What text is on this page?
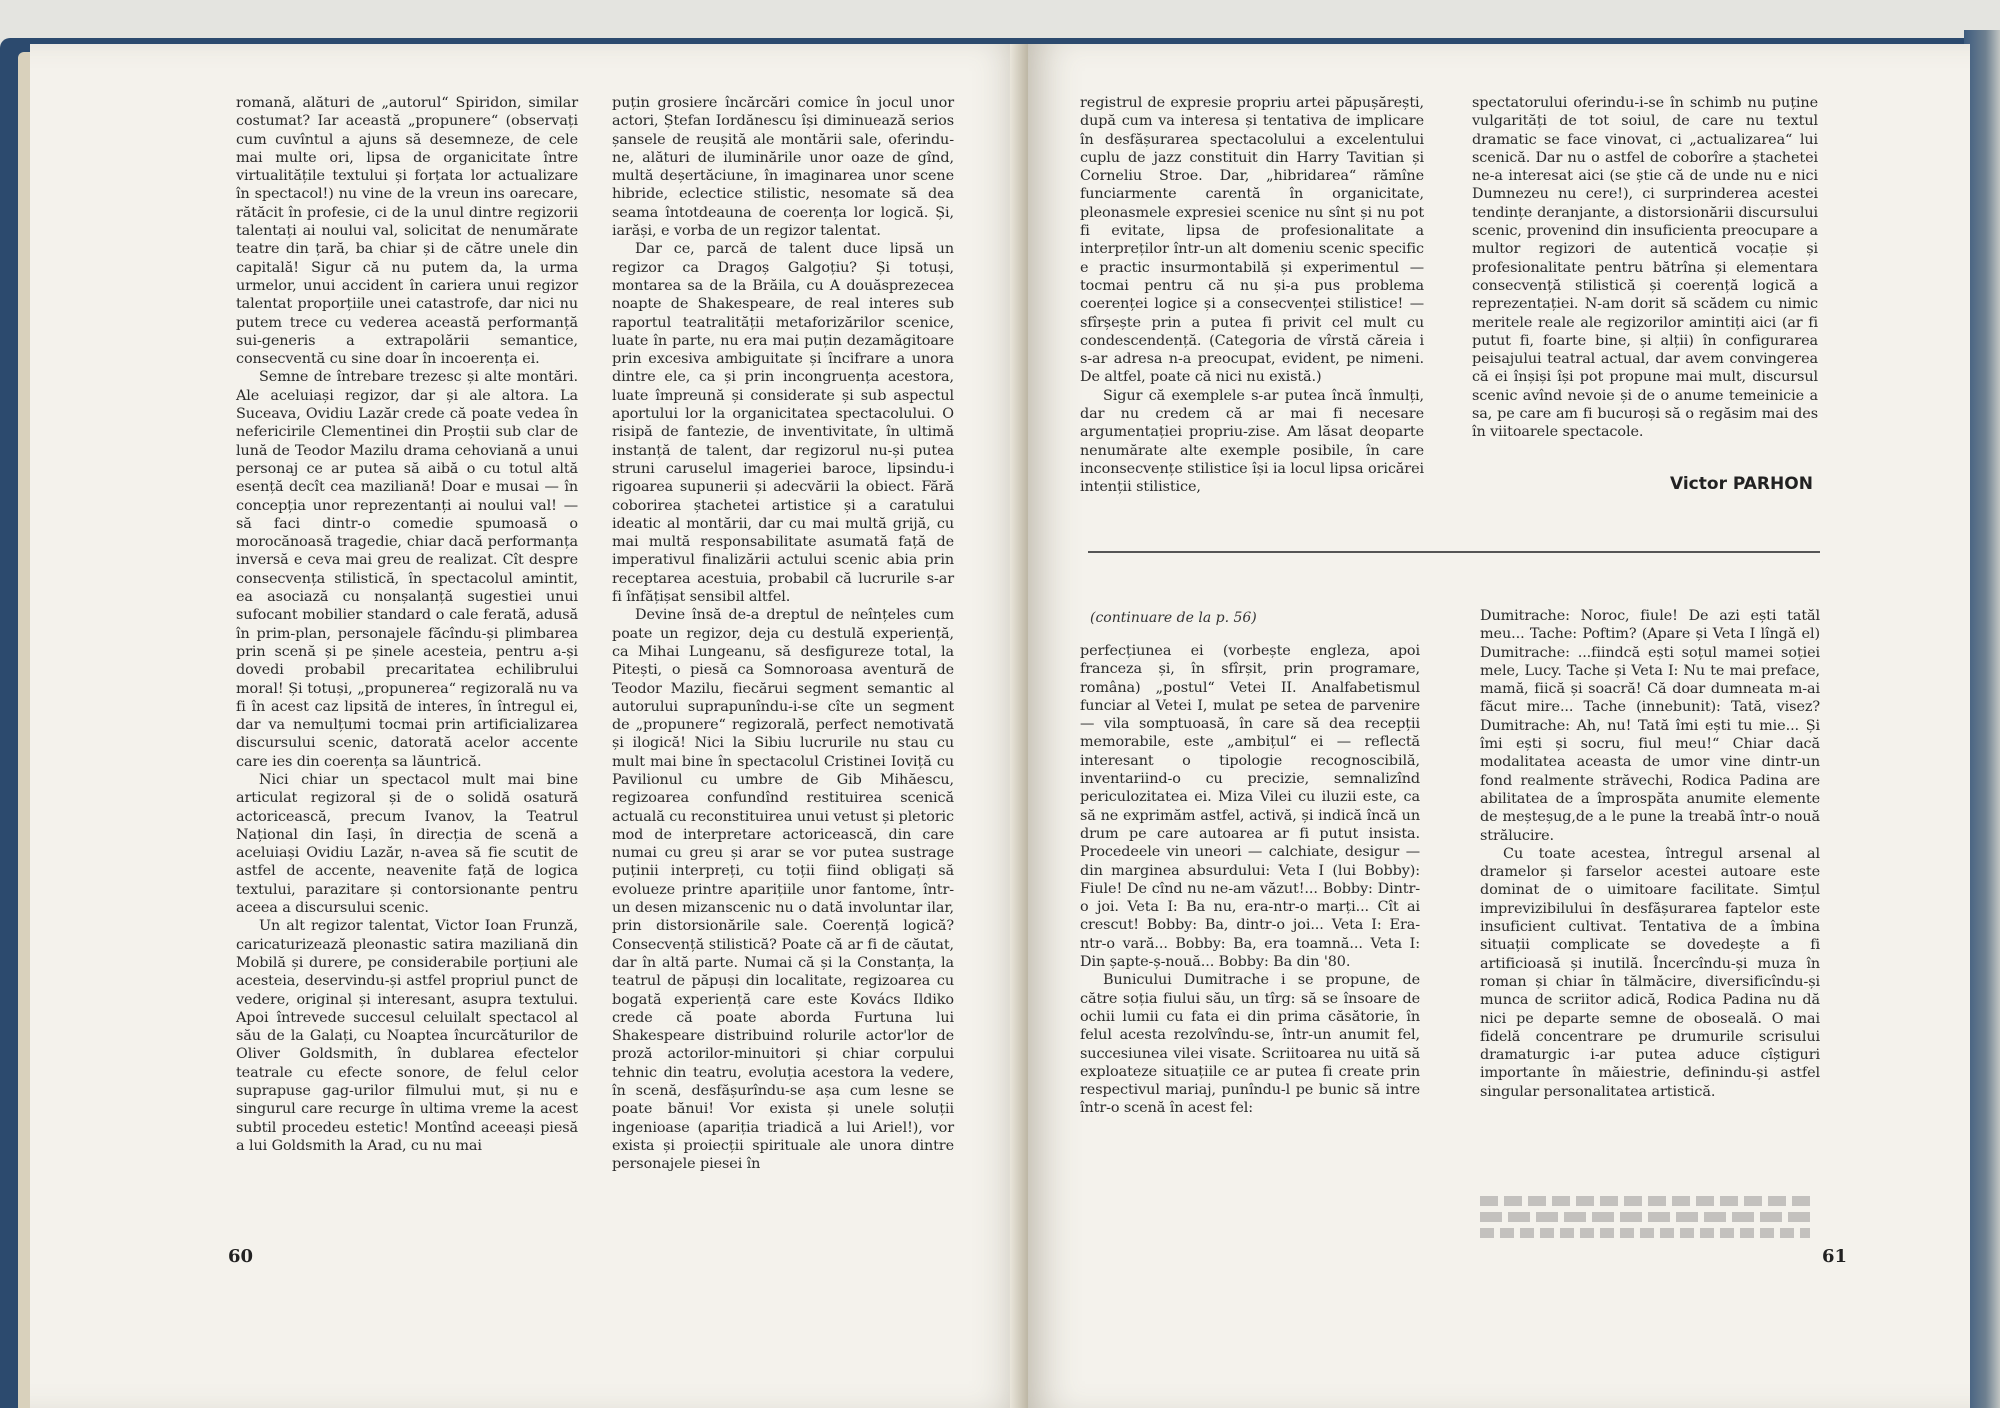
romană, alături de „autorul“ Spiridon, similar costumat? Iar această „propunere“ (observați cum cuvîntul a ajuns să desemneze, de cele mai multe ori, lipsa de organicitate între virtualitățile textului și forțata lor actualizare în spectacol!) nu vine de la vreun ins oarecare, rătăcit în profesie, ci de la unul dintre regizorii talentați ai noului val, solicitat de nenumărate teatre din țară, ba chiar și de către unele din capitală! Sigur că nu putem da, la urma urmelor, unui accident în cariera unui regizor talentat proporțiile unei catastrofe, dar nici nu putem trece cu vederea această performanță sui-generis a extrapolării semantice, consecventă cu sine doar în incoerența ei.

Semne de întrebare trezesc și alte montări. Ale aceluiași regizor, dar și ale altora. La Suceava, Ovidiu Lazăr crede că poate vedea în nefericirile Clementinei din Proștii sub clar de lună de Teodor Mazilu drama cehoviană a unui personaj ce ar putea să aibă o cu totul altă esență decît cea maziliană! Doar e musai — în concepția unor reprezentanți ai noului val! — să faci dintr-o comedie spumoasă o morocănoasă tragedie, chiar dacă performanța inversă e ceva mai greu de realizat. Cît despre consecvența stilistică, în spectacolul amintit, ea asociază cu nonșalanță sugestiei unui sufocant mobilier standard o cale ferată, adusă în prim-plan, personajele făcîndu-și plimbarea prin scenă și pe șinele acesteia, pentru a-și dovedi probabil precaritatea echilibrului moral! Și totuși, „propunerea“ regizorală nu va fi în acest caz lipsită de interes, în întregul ei, dar va nemulțumi tocmai prin artificializarea discursului scenic, datorată acelor accente care ies din coerența sa lăuntrică.

Nici chiar un spectacol mult mai bine articulat regizoral și de o solidă osatură actoricească, precum Ivanov, la Teatrul Național din Iași, în direcția de scenă a aceluiași Ovidiu Lazăr, n-avea să fie scutit de astfel de accente, neavenite față de logica textului, parazitare și contorsionante pentru aceea a discursului scenic.

Un alt regizor talentat, Victor Ioan Frunză, caricaturizează pleonastic satira maziliană din Mobilă și durere, pe considerabile porțiuni ale acesteia, deservindu-și astfel propriul punct de vedere, original și interesant, asupra textului. Apoi întrevede succesul celuilalt spectacol al său de la Galați, cu Noaptea încurcăturilor de Oliver Goldsmith, în dublarea efectelor teatrale cu efecte sonore, de felul celor suprapuse gag-urilor filmului mut, și nu e singurul care recurge în ultima vreme la acest subtil procedeu estetic! Montînd aceeași piesă a lui Goldsmith la Arad, cu nu mai

puțin grosiere încărcări comice în jocul unor actori, Ștefan Iordănescu își diminuează serios șansele de reușită ale montării sale, oferindu-ne, alături de iluminările unor oaze de gînd, multă deșertăciune, în imaginarea unor scene hibride, eclectice stilistic, nesomate să dea seama întotdeauna de coerența lor logică. Și, iarăși, e vorba de un regizor talentat.

Dar ce, parcă de talent duce lipsă un regizor ca Dragoș Galgoțiu? Și totuși, montarea sa de la Brăila, cu A douăsprezecea noapte de Shakespeare, de real interes sub raportul teatralității metaforizărilor scenice, luate în parte, nu era mai puțin dezamăgitoare prin excesiva ambiguitate și încifrare a unora dintre ele, ca și prin incongruența acestora, luate împreună și considerate și sub aspectul aportului lor la organicitatea spectacolului. O risipă de fantezie, de inventivitate, în ultimă instanță de talent, dar regizorul nu-și putea struni caruselul imageriei baroce, lipsindu-i rigoarea supunerii și adecvării la obiect. Fără coborirea ștachetei artistice și a caratului ideatic al montării, dar cu mai multă grijă, cu mai multă responsabilitate asumată față de imperativul finalizării actului scenic abia prin receptarea acestuia, probabil că lucrurile s-ar fi înfățișat sensibil altfel.

Devine însă de-a dreptul de neînțeles cum poate un regizor, deja cu destulă experiență, ca Mihai Lungeanu, să desfigureze total, la Pitești, o piesă ca Somnoroasa aventură de Teodor Mazilu, fiecărui segment semantic al autorului suprapunîndu-i-se cîte un segment de „propunere“ regizorală, perfect nemotivată și ilogică! Nici la Sibiu lucrurile nu stau cu mult mai bine în spectacolul Cristinei Ioviță cu Pavilionul cu umbre de Gib Mihăescu, regizoarea confundînd restituirea scenică actuală cu reconstituirea unui vetust și pletoric mod de interpretare actoricească, din care numai cu greu și arar se vor putea sustrage puținii interpreți, cu toții fiind obligați să evolueze printre aparițiile unor fantome, într-un desen mizanscenic nu o dată involuntar ilar, prin distorsionările sale. Coerență logică? Consecvență stilistică? Poate că ar fi de căutat, dar în altă parte. Numai că și la Constanța, la teatrul de păpuși din localitate, regizoarea cu bogată experiență care este Kovács Ildiko crede că poate aborda Furtuna lui Shakespeare distribuind rolurile actor'lor de proză actorilor-minuitori și chiar corpului tehnic din teatru, evoluția acestora la vedere, în scenă, desfășurîndu-se așa cum lesne se poate bănui! Vor exista și unele soluții ingenioase (apariția triadică a lui Ariel!), vor exista și proiecții spirituale ale unora dintre personajele piesei în

60

registrul de expresie propriu artei păpușărești, după cum va interesa și tentativa de implicare în desfășurarea spectacolului a excelentului cuplu de jazz constituit din Harry Tavitian și Corneliu Stroe. Dar, „hibridarea“ rămîne funciarmente carentă în organicitate, pleonasmele expresiei scenice nu sînt și nu pot fi evitate, lipsa de profesionalitate a interpreților într-un alt domeniu scenic specific e practic insurmontabilă și experimentul — tocmai pentru că nu și-a pus problema coerenței logice și a consecvenței stilistice! — sfîrșește prin a putea fi privit cel mult cu condescendență. (Categoria de vîrstă căreia i s-ar adresa n-a preocupat, evident, pe nimeni. De altfel, poate că nici nu există.)

Sigur că exemplele s-ar putea încă înmulți, dar nu credem că ar mai fi necesare argumentației propriu-zise. Am lăsat deoparte nenumărate alte exemple posibile, în care inconsecvențe stilistice își ia locul lipsa oricărei intenții stilistice,

spectatorului oferindu-i-se în schimb nu puține vulgarități de tot soiul, de care nu textul dramatic se face vinovat, ci „actualizarea“ lui scenică. Dar nu o astfel de coborîre a ștachetei ne-a interesat aici (se știe că de unde nu e nici Dumnezeu nu cere!), ci surprinderea acestei tendințe deranjante, a distorsionării discursului scenic, provenind din insuficienta preocupare a multor regizori de autentică vocație și profesionalitate pentru bătrîna și elementara consecvență stilistică și coerență logică a reprezentației. N-am dorit să scădem cu nimic meritele reale ale regizorilor amintiți aici (ar fi putut fi, foarte bine, și alții) în configurarea peisajului teatral actual, dar avem convingerea că ei înșiși își pot propune mai mult, discursul scenic avînd nevoie și de o anume temeinicie a sa, pe care am fi bucuroși să o regăsim mai des în viitoarele spectacole.

Victor PARHON
(continuare de la p. 56)

perfecțiunea ei (vorbește engleza, apoi franceza și, în sfîrșit, prin programare, româna) „postul“ Vetei II. Analfabetismul funciar al Vetei I, mulat pe setea de parvenire — vila somptuoasă, în care să dea recepții memorabile, este „ambițul“ ei — reflectă interesant o tipologie recognoscibilă, inventariind-o cu precizie, semnalizînd periculozitatea ei. Miza Vilei cu iluzii este, ca să ne exprimăm astfel, activă, și indică încă un drum pe care autoarea ar fi putut insista. Procedeele vin uneori — calchiate, desigur — din marginea absurdului: Veta I (lui Bobby): Fiule! De cînd nu ne-am văzut!... Bobby: Dintr-o joi. Veta I: Ba nu, era-ntr-o marți... Cît ai crescut! Bobby: Ba, dintr-o joi... Veta I: Era-ntr-o vară... Bobby: Ba, era toamnă... Veta I: Din șapte-ș-nouă... Bobby: Ba din '80.

Bunicului Dumitrache i se propune, de către soția fiului său, un tîrg: să se însoare de ochii lumii cu fata ei din prima căsătorie, în felul acesta rezolvîndu-se, într-un anumit fel, succesiunea vilei visate. Scriitoarea nu uită să exploateze situațiile ce ar putea fi create prin respectivul mariaj, punîndu-l pe bunic să intre într-o scenă în acest fel:

Dumitrache: Noroc, fiule! De azi ești tatăl meu... Tache: Poftim? (Apare și Veta I lîngă el) Dumitrache: ...fiindcă ești soțul mamei soției mele, Lucy. Tache și Veta I: Nu te mai preface, mamă, fiică și soacră! Că doar dumneata m-ai făcut mire... Tache (innebunit): Tată, visez? Dumitrache: Ah, nu! Tată îmi ești tu mie... Și îmi ești și socru, fiul meu!“ Chiar dacă modalitatea aceasta de umor vine dintr-un fond realmente străvechi, Rodica Padina are abilitatea de a împrospăta anumite elemente de meșteșug,de a le pune la treabă într-o nouă strălucire.

Cu toate acestea, întregul arsenal al dramelor și farselor acestei autoare este dominat de o uimitoare facilitate. Simțul imprevizibilului în desfășurarea faptelor este insuficient cultivat. Tentativa de a îmbina situații complicate se dovedește a fi artificioasă și inutilă. Încercîndu-și muza în roman și chiar în tălmăcire, diversificîndu-și munca de scriitor adică, Rodica Padina nu dă nici pe departe semne de oboseală. O mai fidelă concentrare pe drumurile scrisului dramaturgic i-ar putea aduce cîștiguri importante în măiestrie, definindu-și astfel singular personalitatea artistică.

61
